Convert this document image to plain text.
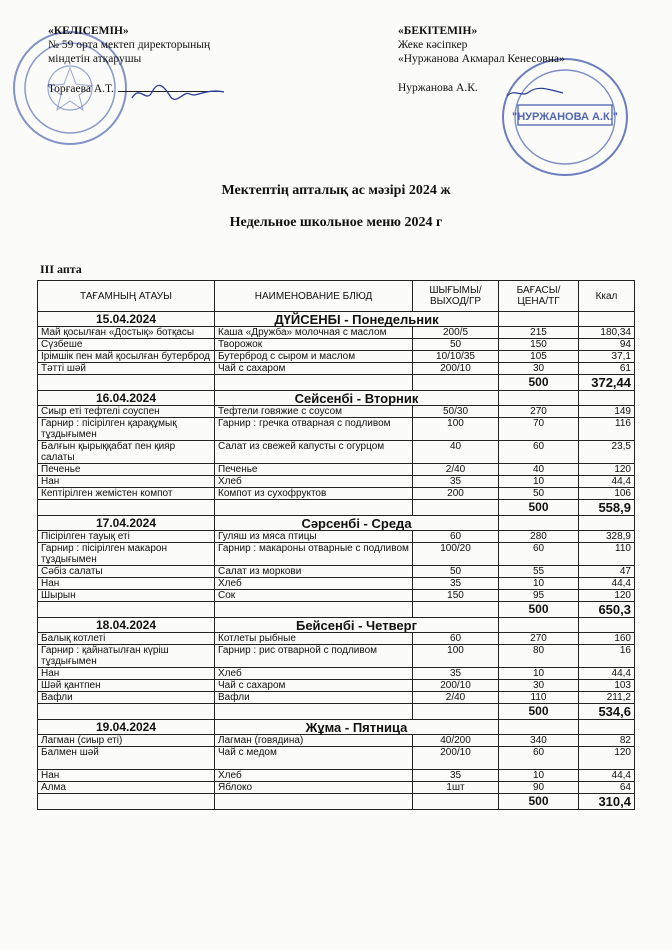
"НУРЖАНОВА А.К."
«КЕЛІСЕМІН»
№ 59 орта мектеп директорының
міндетін атқарушы
Торғаева А.Т.
«БЕКІТЕМІН»
Жеке кәсіпкер
«Нуржанова Акмарал Кенесовна»
Нуржанова А.К.
Мектептің апталық ас мәзірі 2024 ж
Недельное школьное меню 2024 г
III апта
ТАҒАМНЫҢ АТАУЫ	НАИМЕНОВАНИЕ БЛЮД	ШЫҒЫМЫ/ ВЫХОД/ГР	БАҒАСЫ/ ЦЕНА/ТГ	Ккал
15.04.2024	ДҮЙСЕНБІ - Понедельник			
Май қосылған «Достық» ботқасы	Каша «Дружба» молочная с маслом	200/5	215	180,34
Сүзбеше	Творожок	50	150	94
Ірімшік пен май қосылған бутерброд	Бутерброд с сыром и маслом	10/10/35	105	37,1
Тәтті шәй	Чай с сахаром	200/10	30	61
			500	372,44
16.04.2024	Сейсенбі - Вторник			
Сиыр еті тефтелі соуспен	Тефтели говяжие с соусом	50/30	270	149
Гарнир : пісірілген қарақұмық тұздығымен	Гарнир : гречка отварная с подливом	100	70	116
Балғын қырыққабат пен қияр салаты	Салат из свежей капусты с огурцом	40	60	23,5
Печенье	Печенье	2/40	40	120
Нан	Хлеб	35	10	44,4
Кептірілген жемістен компот	Компот из сухофруктов	200	50	106
			500	558,9
17.04.2024	Сәрсенбі - Среда			
Пісірілген тауық еті	Гуляш из мяса птицы	60	280	328,9
Гарнир : пісірілген макарон тұздығымен	Гарнир : макароны отварные с подливом	100/20	60	110
Сәбіз салаты	Салат из моркови	50	55	47
Нан	Хлеб	35	10	44,4
Шырын	Сок	150	95	120
			500	650,3
18.04.2024	Бейсенбі - Четверг			
Балық котлеті	Котлеты рыбные	60	270	160
Гарнир : қайнатылған күріш тұздығымен	Гарнир : рис отварной с подливом	100	80	16
Нан	Хлеб	35	10	44,4
Шәй қантпен	Чай с сахаром	200/10	30	103
Вафли	Вафли	2/40	110	211,2
			500	534,6
19.04.2024	Жұма - Пятница			
Лагман (сиыр еті)	Лагман (говядина)	40/200	340	82
Балмен шәй	Чай с медом	200/10	60	120
Нан	Хлеб	35	10	44,4
Алма	Яблоко	1шт	90	64
			500	310,4
